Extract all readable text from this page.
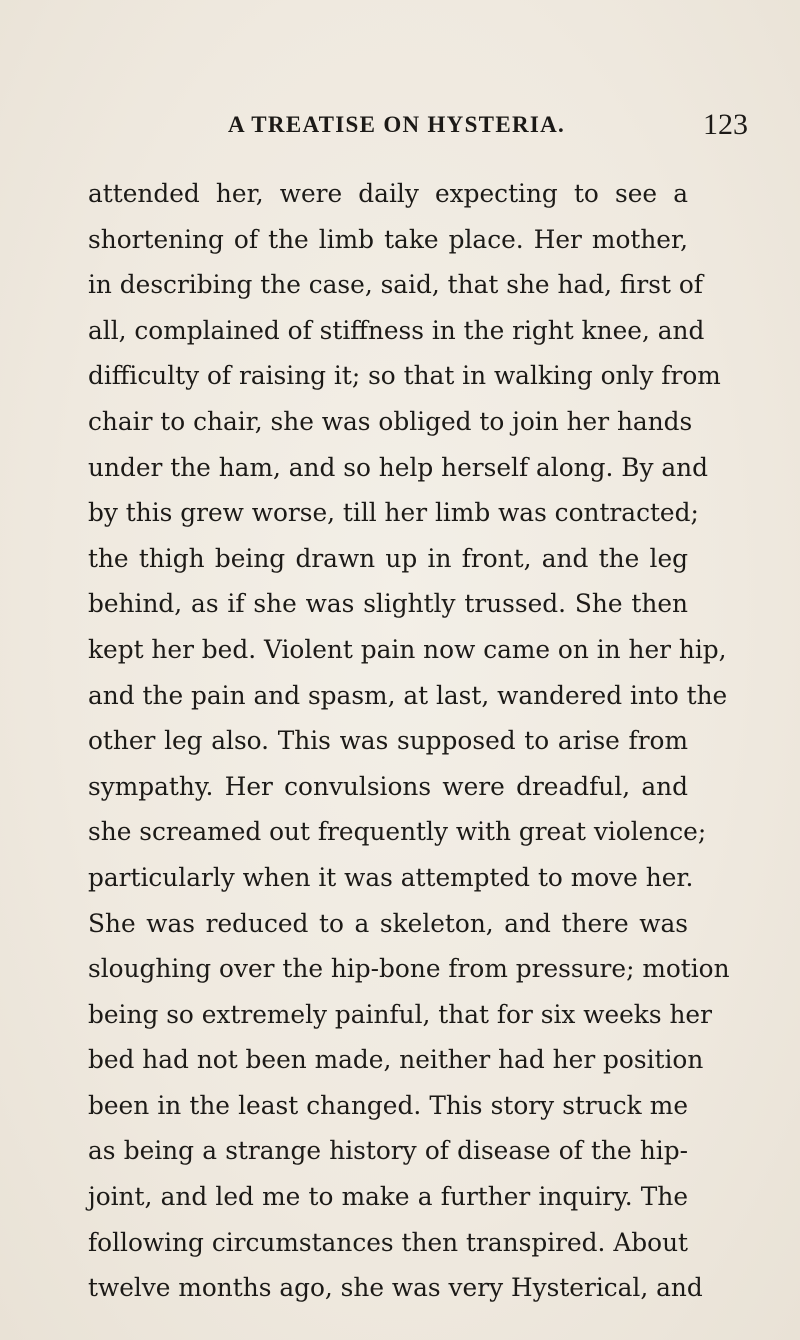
A TREATISE ON HYSTERIA.	123
attended her, were daily expecting to see a
shortening of the limb take place. Her mother,
in describing the case, said, that she had, first of
all, complained of stiffness in the right knee, and
difficulty of raising it; so that in walking only from
chair to chair, she was obliged to join her hands
under the ham, and so help herself along. By and
by this grew worse, till her limb was contracted;
the thigh being drawn up in front, and the leg
behind, as if she was slightly trussed. She then
kept her bed. Violent pain now came on in her hip,
and the pain and spasm, at last, wandered into the
other leg also. This was supposed to arise from
sympathy. Her convulsions were dreadful, and
she screamed out frequently with great violence;
particularly when it was attempted to move her.
She was reduced to a skeleton, and there was
sloughing over the hip-bone from pressure; motion
being so extremely painful, that for six weeks her
bed had not been made, neither had her position
been in the least changed. This story struck me
as being a strange history of disease of the hip-
joint, and led me to make a further inquiry. The
following circumstances then transpired. About
twelve months ago, she was very Hysterical, and
